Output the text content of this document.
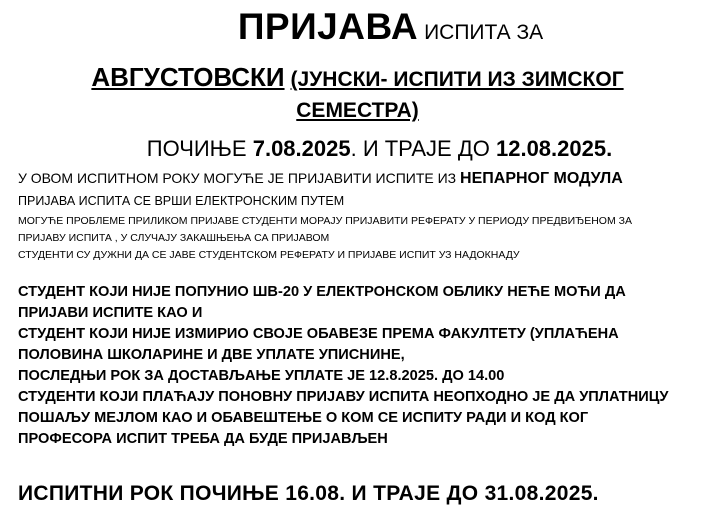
ПРИЈАВА ИСПИТА ЗА
АВГУСТОВСКИ (ЈУНСКИ- ИСПИТИ ИЗ ЗИМСКОГ
СЕМЕСТРА)
ПОЧИЊЕ 7.08.2025. И ТРАЈЕ ДО 12.08.2025.
У ОВОМ ИСПИТНОМ РОКУ МОГУЋЕ ЈЕ ПРИЈАВИТИ ИСПИТЕ ИЗ НЕПАРНОГ МОДУЛА
ПРИЈАВА ИСПИТА СЕ ВРШИ ЕЛЕКТРОНСКИМ ПУТЕМ
МОГУЋЕ ПРОБЛЕМЕ ПРИЛИКОМ ПРИЈАВЕ СТУДЕНТИ МОРАЈУ ПРИЈАВИТИ РЕФЕРАТУ У ПЕРИОДУ ПРЕДВИЂЕНОМ ЗА
ПРИЈАВУ ИСПИТА , У СЛУЧАЈУ ЗАКАШЊЕЊА СА ПРИЈАВОМ
СТУДЕНТИ СУ ДУЖНИ ДА СЕ ЈАВЕ СТУДЕНТСКОМ РЕФЕРАТУ И ПРИЈАВЕ ИСПИТ УЗ НАДОКНАДУ
СТУДЕНТ КОЈИ НИЈЕ ПОПУНИО ШВ-20 У ЕЛЕКТРОНСКОМ ОБЛИКУ НЕЋЕ МОЋИ ДА
ПРИЈАВИ ИСПИТЕ КАО И
СТУДЕНТ КОЈИ НИЈЕ ИЗМИРИО СВОЈЕ ОБАВЕЗЕ ПРЕМА ФАКУЛТЕТУ (УПЛАЋЕНА
ПОЛОВИНА ШКОЛАРИНЕ И ДВЕ УПЛАТЕ УПИСНИНЕ,
ПОСЛЕДЊИ РОК ЗА ДОСТАВЉАЊЕ УПЛАТЕ ЈЕ 12.8.2025. ДО 14.00
СТУДЕНТИ КОЈИ ПЛАЋАЈУ ПОНОВНУ ПРИЈАВУ ИСПИТА НЕОПХОДНО ЈЕ ДА УПЛАТНИЦУ
ПОШАЉУ МЕЈЛОМ КАО И ОБАВЕШТЕЊЕ О КОМ СЕ ИСПИТУ РАДИ И КОД КОГ
ПРОФЕСОРА ИСПИТ ТРЕБА ДА БУДЕ ПРИЈАВЉЕН
ИСПИТНИ РОК ПОЧИЊЕ 16.08. И ТРАЈЕ ДО 31.08.2025.
